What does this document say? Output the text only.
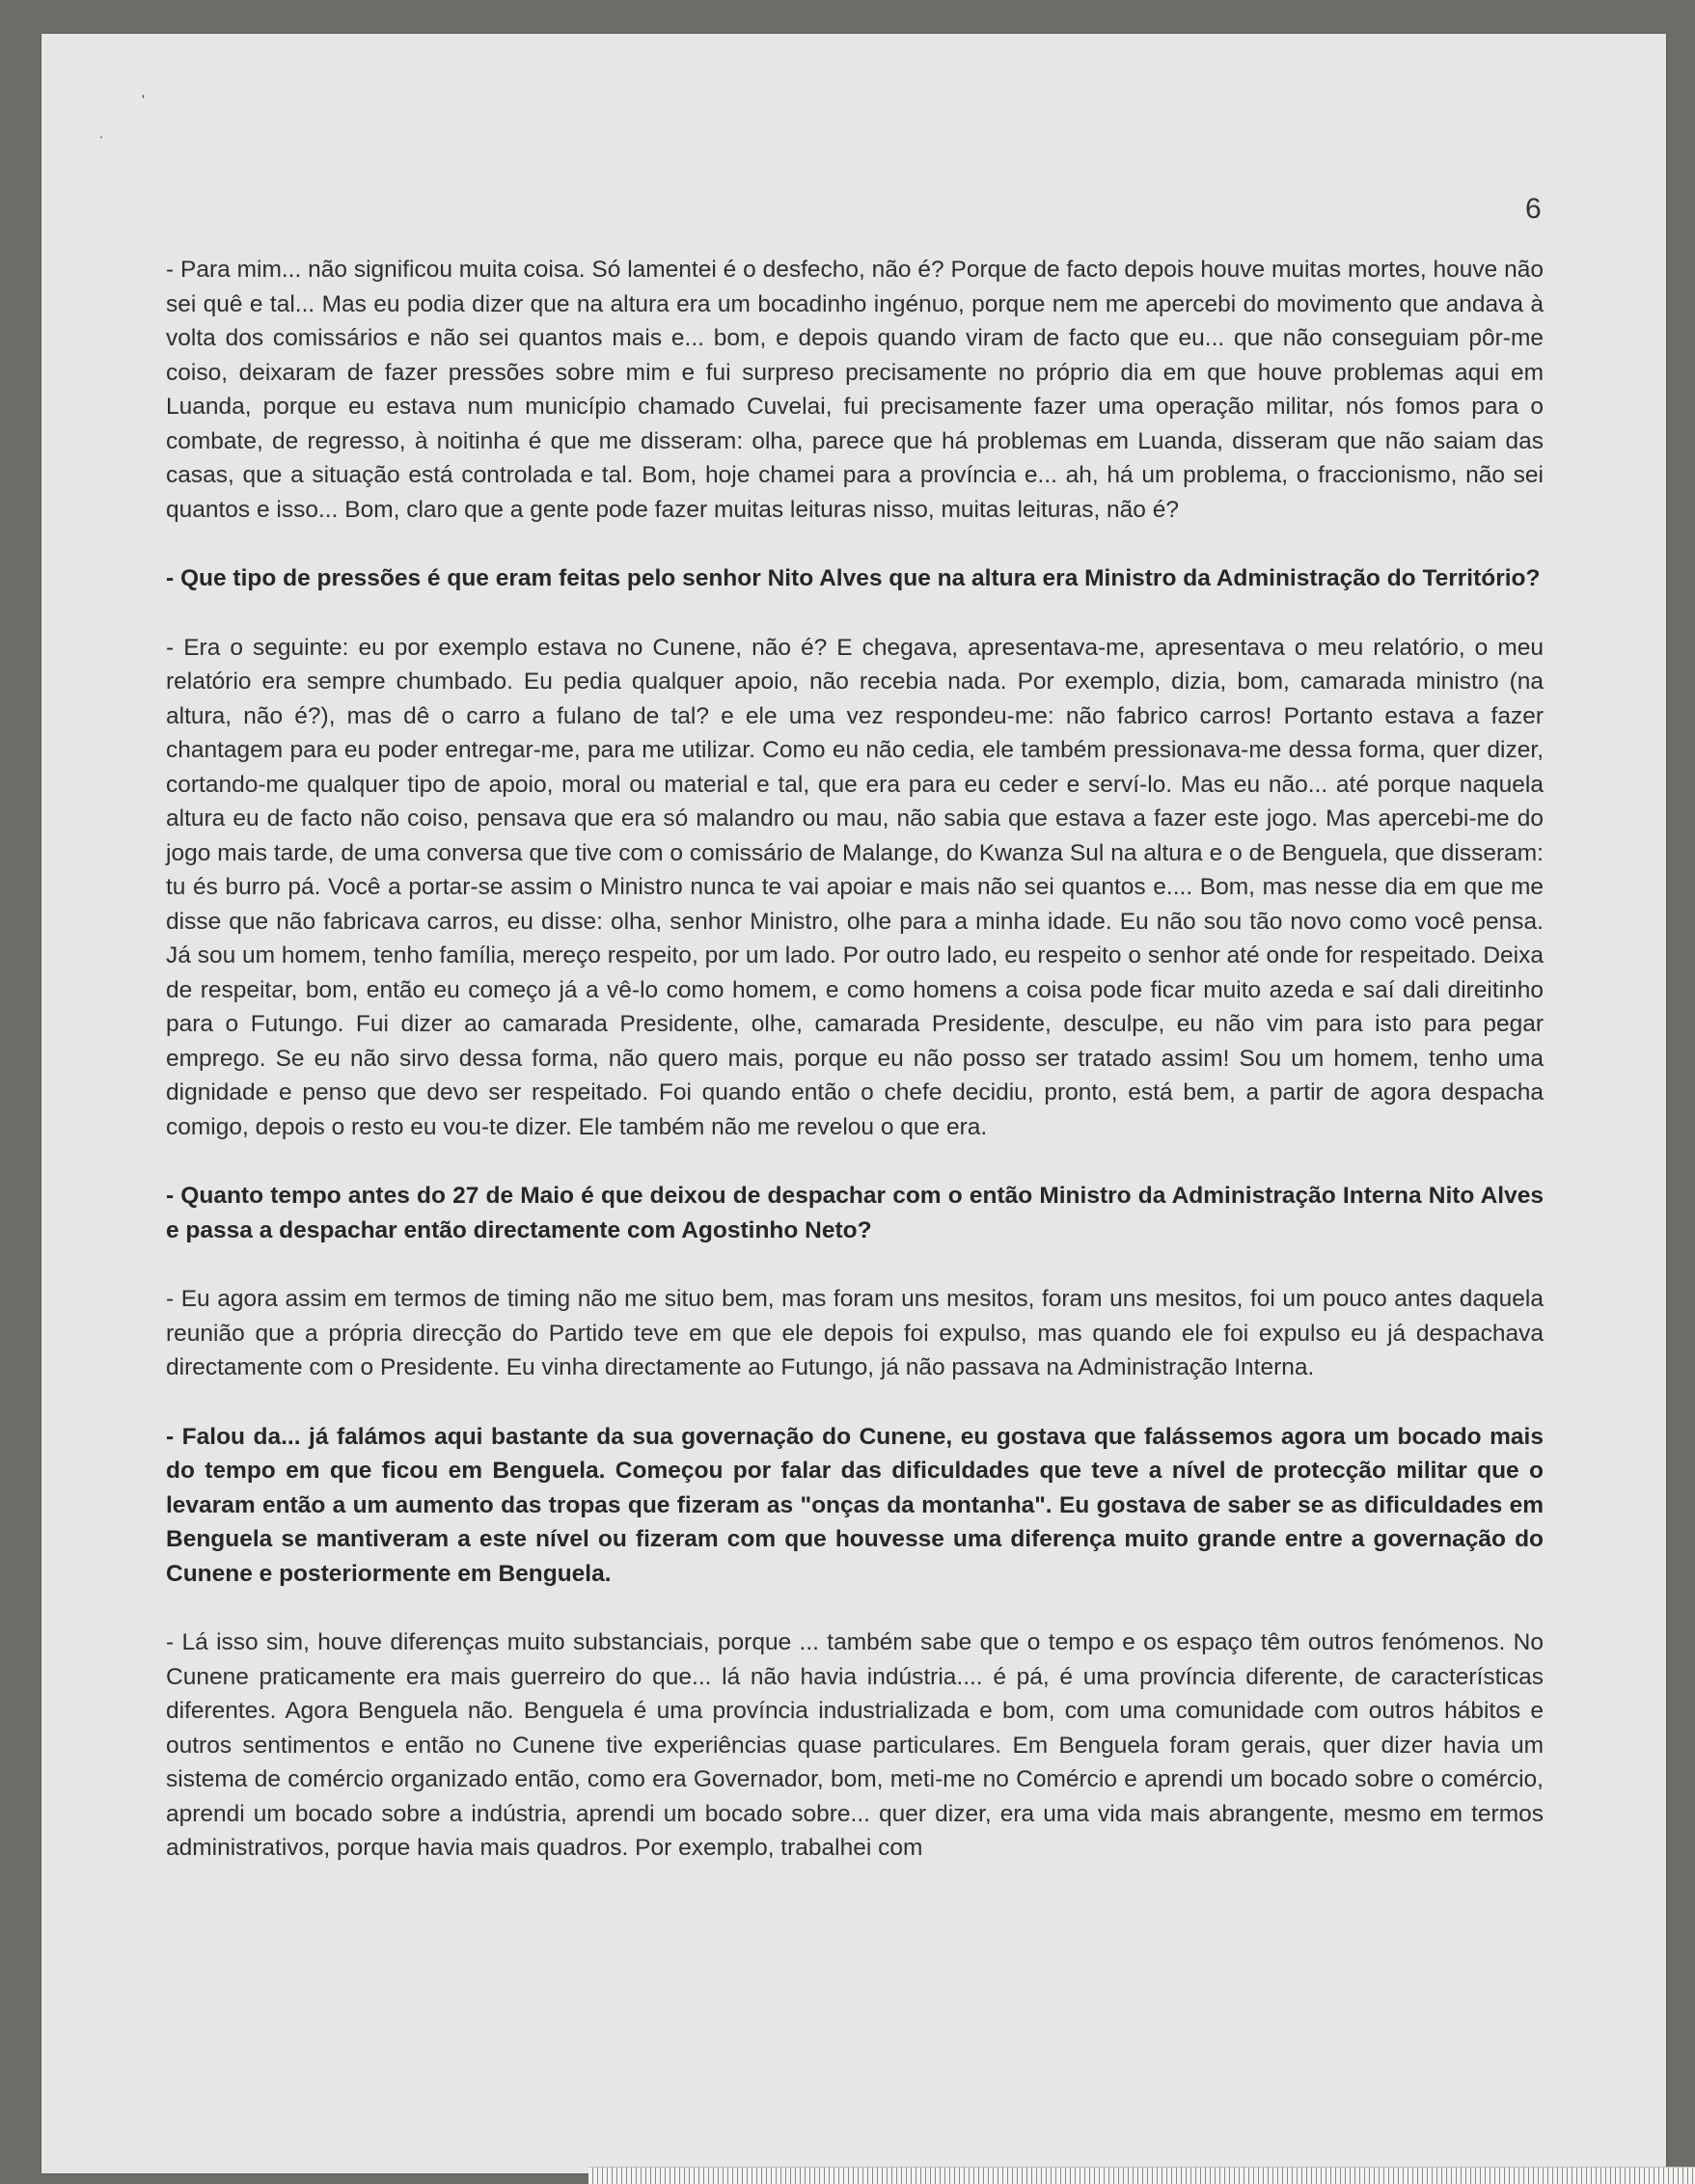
'
.
6

- Para mim... não significou muita coisa. Só lamentei é o desfecho, não é? Porque de facto depois houve muitas mortes, houve não sei quê e tal... Mas eu podia dizer que na altura era um bocadinho ingénuo, porque nem me apercebi do movimento que andava à volta dos comissários e não sei quantos mais e... bom, e depois quando viram de facto que eu... que não conseguiam pôr-me coiso, deixaram de fazer pressões sobre mim e fui surpreso precisamente no próprio dia em que houve problemas aqui em Luanda, porque eu estava num município chamado Cuvelai, fui precisamente fazer uma operação militar, nós fomos para o combate, de regresso, à noitinha é que me disseram: olha, parece que há problemas em Luanda, disseram que não saiam das casas, que a situação está controlada e tal. Bom, hoje chamei para a província e... ah, há um problema, o fraccionismo, não sei quantos e isso... Bom, claro que a gente pode fazer muitas leituras nisso, muitas leituras, não é?

- Que tipo de pressões é que eram feitas pelo senhor Nito Alves que na altura era Ministro da Administração do Território?

- Era o seguinte: eu por exemplo estava no Cunene, não é? E chegava, apresentava-me, apresentava o meu relatório, o meu relatório era sempre chumbado. Eu pedia qualquer apoio, não recebia nada. Por exemplo, dizia, bom, camarada ministro (na altura, não é?), mas dê o carro a fulano de tal? e ele uma vez respondeu-me: não fabrico carros! Portanto estava a fazer chantagem para eu poder entregar-me, para me utilizar. Como eu não cedia, ele também pressionava-me dessa forma, quer dizer, cortando-me qualquer tipo de apoio, moral ou material e tal, que era para eu ceder e serví-lo. Mas eu não... até porque naquela altura eu de facto não coiso, pensava que era só malandro ou mau, não sabia que estava a fazer este jogo. Mas apercebi-me do jogo mais tarde, de uma conversa que tive com o comissário de Malange, do Kwanza Sul na altura e o de Benguela, que disseram: tu és burro pá. Você a portar-se assim o Ministro nunca te vai apoiar e mais não sei quantos e.... Bom, mas nesse dia em que me disse que não fabricava carros, eu disse: olha, senhor Ministro, olhe para a minha idade. Eu não sou tão novo como você pensa. Já sou um homem, tenho família, mereço respeito, por um lado. Por outro lado, eu respeito o senhor até onde for respeitado. Deixa de respeitar, bom, então eu começo já a vê-lo como homem, e como homens a coisa pode ficar muito azeda e saí dali direitinho para o Futungo. Fui dizer ao camarada Presidente, olhe, camarada Presidente, desculpe, eu não vim para isto para pegar emprego. Se eu não sirvo dessa forma, não quero mais, porque eu não posso ser tratado assim! Sou um homem, tenho uma dignidade e penso que devo ser respeitado. Foi quando então o chefe decidiu, pronto, está bem, a partir de agora despacha comigo, depois o resto eu vou-te dizer. Ele também não me revelou o que era.

- Quanto tempo antes do 27 de Maio é que deixou de despachar com o então Ministro da Administração Interna Nito Alves e passa a despachar então directamente com Agostinho Neto?

- Eu agora assim em termos de timing não me situo bem, mas foram uns mesitos, foram uns mesitos, foi um pouco antes daquela reunião que a própria direcção do Partido teve em que ele depois foi expulso, mas quando ele foi expulso eu já despachava directamente com o Presidente. Eu vinha directamente ao Futungo, já não passava na Administração Interna.

- Falou da... já falámos aqui bastante da sua governação do Cunene, eu gostava que falássemos agora um bocado mais do tempo em que ficou em Benguela. Começou por falar das dificuldades que teve a nível de protecção militar que o levaram então a um aumento das tropas que fizeram as "onças da montanha". Eu gostava de saber se as dificuldades em Benguela se mantiveram a este nível ou fizeram com que houvesse uma diferença muito grande entre a governação do Cunene e posteriormente em Benguela.

- Lá isso sim, houve diferenças muito substanciais, porque ... também sabe que o tempo e os espaço têm outros fenómenos. No Cunene praticamente era mais guerreiro do que... lá não havia indústria.... é pá, é uma província diferente, de características diferentes. Agora Benguela não. Benguela é uma província industrializada e bom, com uma comunidade com outros hábitos e outros sentimentos e então no Cunene tive experiências quase particulares. Em Benguela foram gerais, quer dizer havia um sistema de comércio organizado então, como era Governador, bom, meti-me no Comércio e aprendi um bocado sobre o comércio, aprendi um bocado sobre a indústria, aprendi um bocado sobre... quer dizer, era uma vida mais abrangente, mesmo em termos administrativos, porque havia mais quadros. Por exemplo, trabalhei com
